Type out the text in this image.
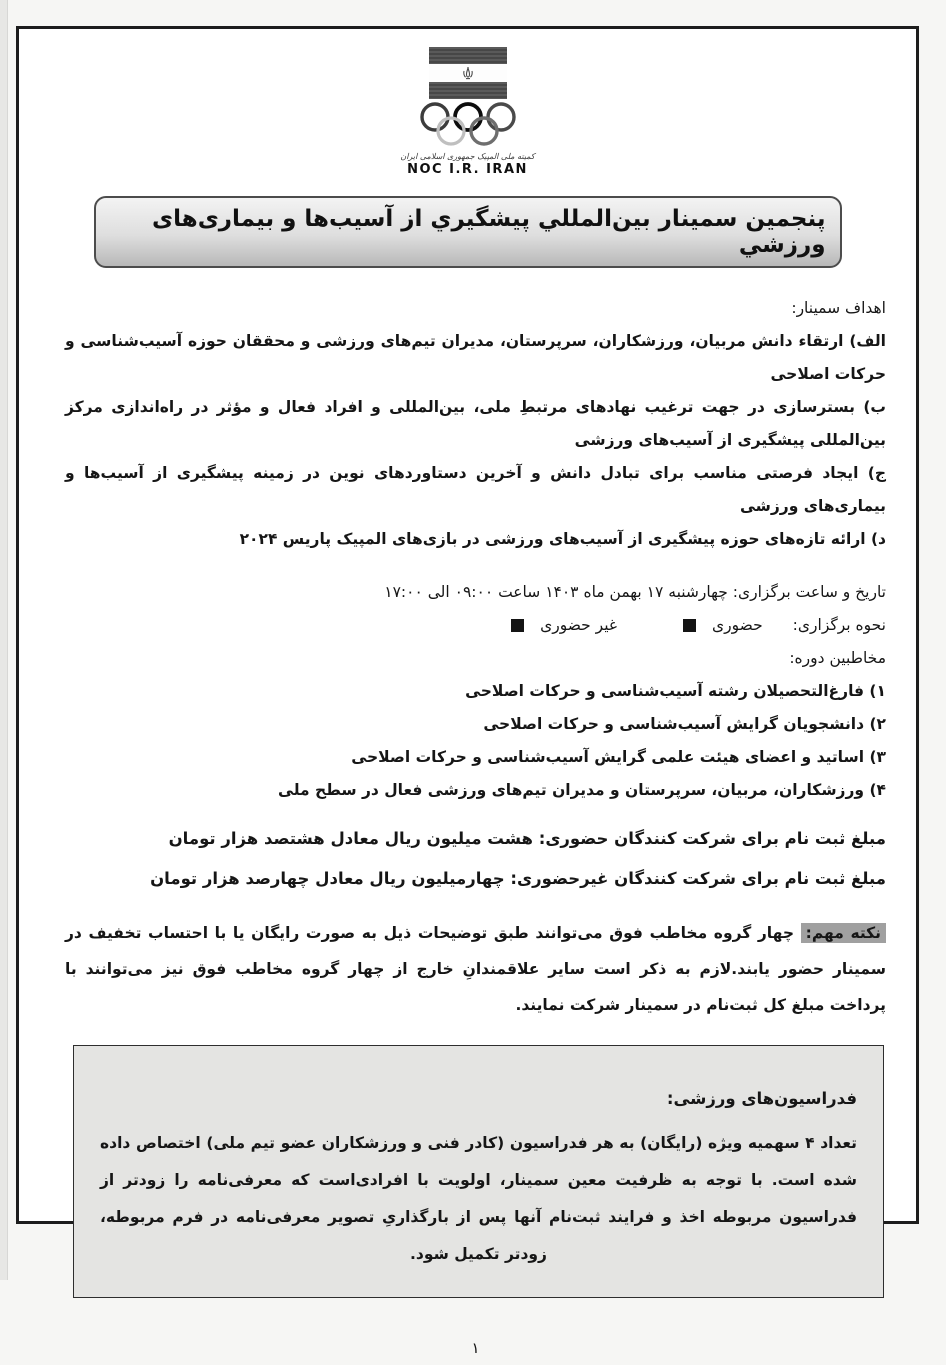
کمیته ملی المپیک جمهوری اسلامی ایران
NOC I.R. IRAN
پنجمین سمینار بین‌المللي پیشگیري از آسیب‌ها و بیماری‌های ورزشي
اهداف سمینار:
الف) ارتقاء دانش مربیان، ورزشکاران، سرپرستان، مدیران تیم‌های ورزشی و محققان حوزه آسیب‌شناسی و حرکات اصلاحی
ب) بسترسازی در جهت ترغیب نهادهای مرتبطِ ملی، بین‌المللی و افراد فعال و مؤثر در راه‌اندازی مرکز بین‌المللی پیشگیری از آسیب‌های ورزشی
ج) ایجاد فرصتی مناسب برای تبادل دانش و آخرین دستاوردهای نوین در زمینه پیشگیری از آسیب‌ها و بیماری‌های ورزشی
د) ارائه تازه‌های حوزه پیشگیری از آسیب‌های ورزشی در بازی‌های المپیک پاریس ۲۰۲۴
تاریخ و ساعت برگزاری: چهارشنبه ۱۷ بهمن ماه ۱۴۰۳ ساعت ۰۹:۰۰ الی ۱۷:۰۰
نحوه برگزاری:
حضوری
غیر حضوری
مخاطبین دوره:
۱) فارغ‌التحصیلان رشته آسیب‌شناسی و حرکات اصلاحی
۲) دانشجویان گرایش آسیب‌شناسی و حرکات اصلاحی
۳) اساتید و اعضای هیئت علمی گرایش آسیب‌شناسی و حرکات اصلاحی
۴) ورزشکاران، مربیان، سرپرستان و مدیران تیم‌های ورزشی فعال در سطح ملی
مبلغ ثبت نام برای شرکت کنندگان حضوری: هشت میلیون ریال معادل هشتصد هزار تومان
مبلغ ثبت نام برای شرکت کنندگان غیرحضوری: چهارمیلیون ریال معادل چهارصد هزار تومان
نکته مهم: چهار گروه مخاطب فوق می‌توانند طبق توضیحات ذیل به صورت رایگان یا با احتساب تخفیف در سمینار حضور یابند.لازم به ذکر است سایر علاقمندانِ خارج از چهار گروه مخاطب فوق نیز می‌توانند با پرداخت مبلغ کل ثبت‌نام در سمینار شرکت نمایند.
فدراسیون‌های ورزشی:
تعداد ۴ سهمیه ویژه (رایگان) به هر فدراسیون (کادر فنی و ورزشکاران عضو تیم ملی) اختصاص داده شده است. با توجه به ظرفیت معین سمینار، اولویت با افرادی‌است که معرفی‌نامه را زودتر از فدراسیون مربوطه اخذ و فرایند ثبت‌نام آنها پس از بارگذاریِ تصویر معرفی‌نامه در فرم مربوطه، زودتر تکمیل شود.
۱
